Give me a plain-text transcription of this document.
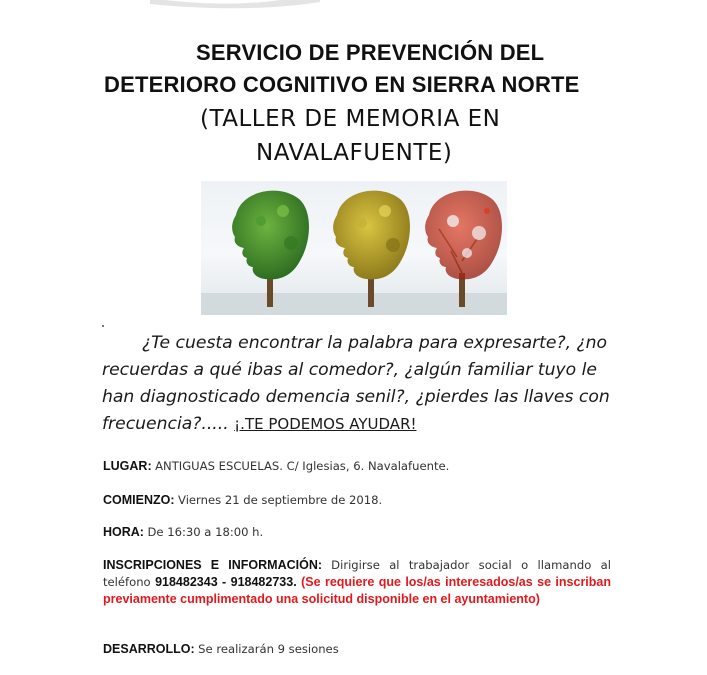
SERVICIO DE PREVENCIÓN DEL
DETERIORO COGNITIVO EN SIERRA NORTE
(TALLER DE MEMORIA EN
NAVALAFUENTE)
¿Te cuesta encontrar la palabra para expresarte?, ¿no recuerdas a qué ibas al comedor?, ¿algún familiar tuyo le han diagnosticado demencia senil?, ¿pierdes las llaves con frecuencia?..... ¡.TE PODEMOS AYUDAR!
LUGAR: ANTIGUAS ESCUELAS. C/ Iglesias, 6. Navalafuente.
COMIENZO: Viernes 21 de septiembre de 2018.
HORA: De 16:30 a 18:00 h.
INSCRIPCIONES E INFORMACIÓN: Dirigirse al trabajador social o llamando al teléfono 918482343 - 918482733. (Se requiere que los/as interesados/as se inscriban previamente cumplimentado una solicitud disponible en el ayuntamiento)
DESARROLLO: Se realizarán 9 sesiones
